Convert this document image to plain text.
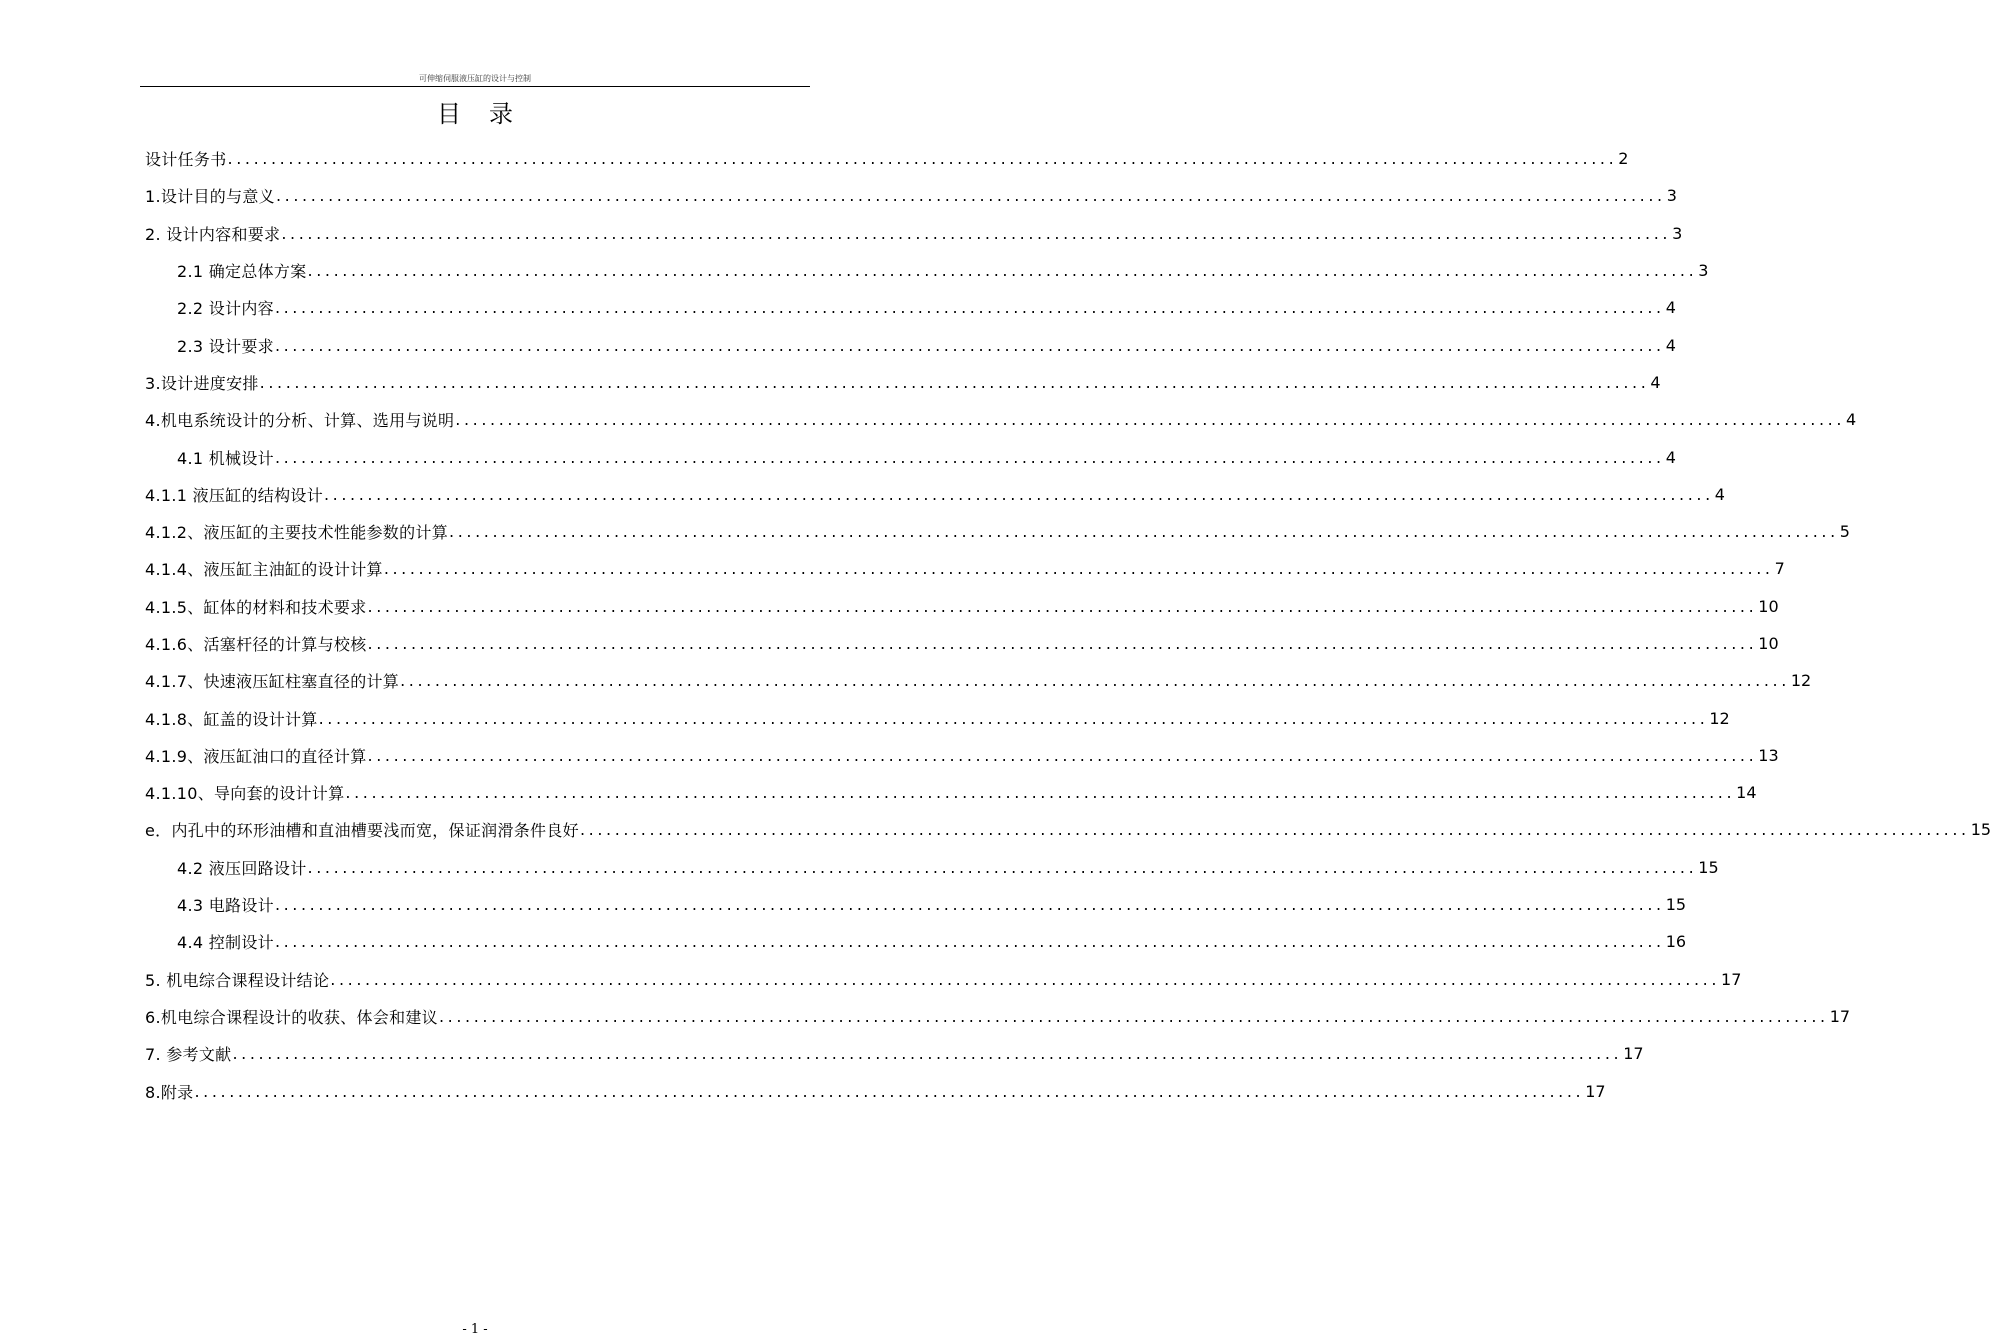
可伸缩伺服液压缸的设计与控制
目录
设计任务书 ................................................................................................................................................................ 2
1.设计目的与意义 ................................................................................................................................................................ 3
2. 设计内容和要求 ................................................................................................................................................................ 3
2.1 确定总体方案 ................................................................................................................................................................ 3
2.2 设计内容 ................................................................................................................................................................ 4
2.3 设计要求 ................................................................................................................................................................ 4
3.设计进度安排 ................................................................................................................................................................ 4
4.机电系统设计的分析、计算、选用与说明 ................................................................................................................................................................ 4
4.1 机械设计 ................................................................................................................................................................ 4
4.1.1 液压缸的结构设计 ................................................................................................................................................................ 4
4.1.2、液压缸的主要技术性能参数的计算 ................................................................................................................................................................ 5
4.1.4、液压缸主油缸的设计计算 ................................................................................................................................................................ 7
4.1.5、缸体的材料和技术要求 ................................................................................................................................................................ 10
4.1.6、活塞杆径的计算与校核 ................................................................................................................................................................ 10
4.1.7、快速液压缸柱塞直径的计算 ................................................................................................................................................................ 12
4.1.8、缸盖的设计计算 ................................................................................................................................................................ 12
4.1.9、液压缸油口的直径计算 ................................................................................................................................................................ 13
4.1.10、导向套的设计计算 ................................................................................................................................................................ 14
e．内孔中的环形油槽和直油槽要浅而宽，保证润滑条件良好 ................................................................................................................................................................ 15
4.2 液压回路设计 ................................................................................................................................................................ 15
4.3 电路设计 ................................................................................................................................................................ 15
4.4 控制设计 ................................................................................................................................................................ 16
5. 机电综合课程设计结论 ................................................................................................................................................................ 17
6.机电综合课程设计的收获、体会和建议 ................................................................................................................................................................ 17
7. 参考文献 ................................................................................................................................................................ 17
8.附录 ................................................................................................................................................................ 17
- 1 -
